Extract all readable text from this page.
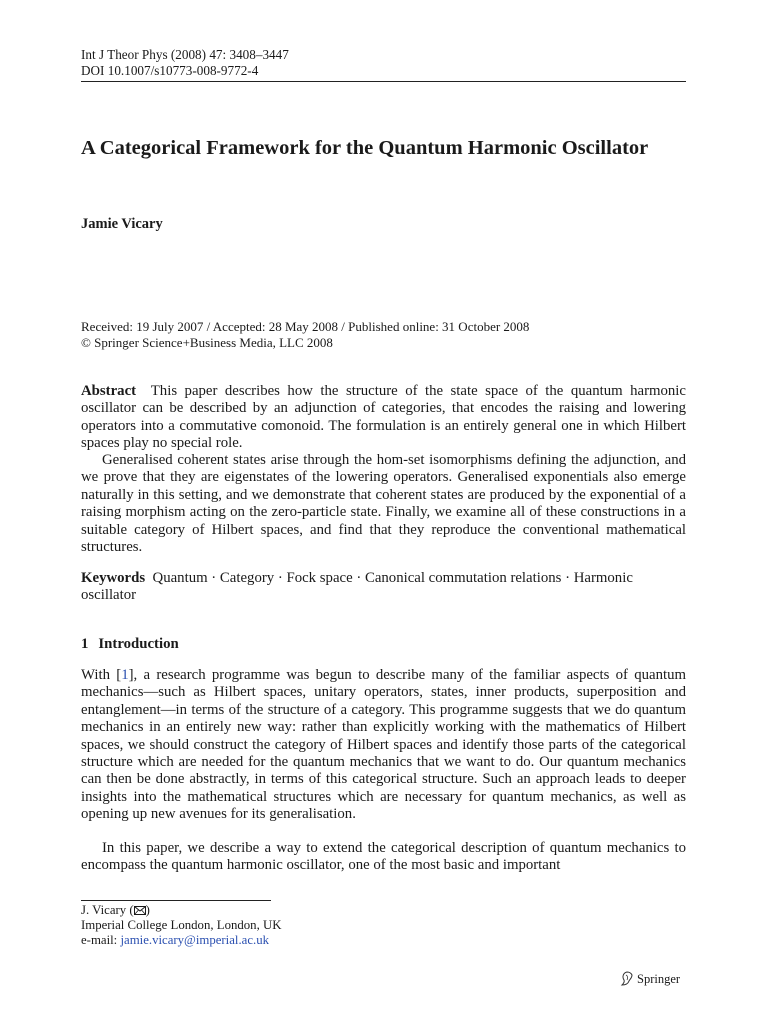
Int J Theor Phys (2008) 47: 3408–3447
DOI 10.1007/s10773-008-9772-4
A Categorical Framework for the Quantum Harmonic Oscillator
Jamie Vicary
Received: 19 July 2007 / Accepted: 28 May 2008 / Published online: 31 October 2008
© Springer Science+Business Media, LLC 2008

Abstract This paper describes how the structure of the state space of the quantum harmonic oscillator can be described by an adjunction of categories, that encodes the raising and lowering operators into a commutative comonoid. The formulation is an entirely general one in which Hilbert spaces play no special role.

Generalised coherent states arise through the hom-set isomorphisms defining the adjunction, and we prove that they are eigenstates of the lowering operators. Generalised exponentials also emerge naturally in this setting, and we demonstrate that coherent states are produced by the exponential of a raising morphism acting on the zero-particle state. Finally, we examine all of these constructions in a suitable category of Hilbert spaces, and find that they reproduce the conventional mathematical structures.

Keywords Quantum · Category · Fock space · Canonical commutation relations · Harmonic oscillator

1 Introduction

With [1], a research programme was begun to describe many of the familiar aspects of quantum mechanics—such as Hilbert spaces, unitary operators, states, inner products, superposition and entanglement—in terms of the structure of a category. This programme suggests that we do quantum mechanics in an entirely new way: rather than explicitly working with the mathematics of Hilbert spaces, we should construct the category of Hilbert spaces and identify those parts of the categorical structure which are needed for the quantum mechanics that we want to do. Our quantum mechanics can then be done abstractly, in terms of this categorical structure. Such an approach leads to deeper insights into the mathematical structures which are necessary for quantum mechanics, as well as opening up new avenues for its generalisation.

In this paper, we describe a way to extend the categorical description of quantum mechanics to encompass the quantum harmonic oscillator, one of the most basic and important

J. Vicary ( )
Imperial College London, London, UK
e-mail: jamie.vicary@imperial.ac.uk
Springer
